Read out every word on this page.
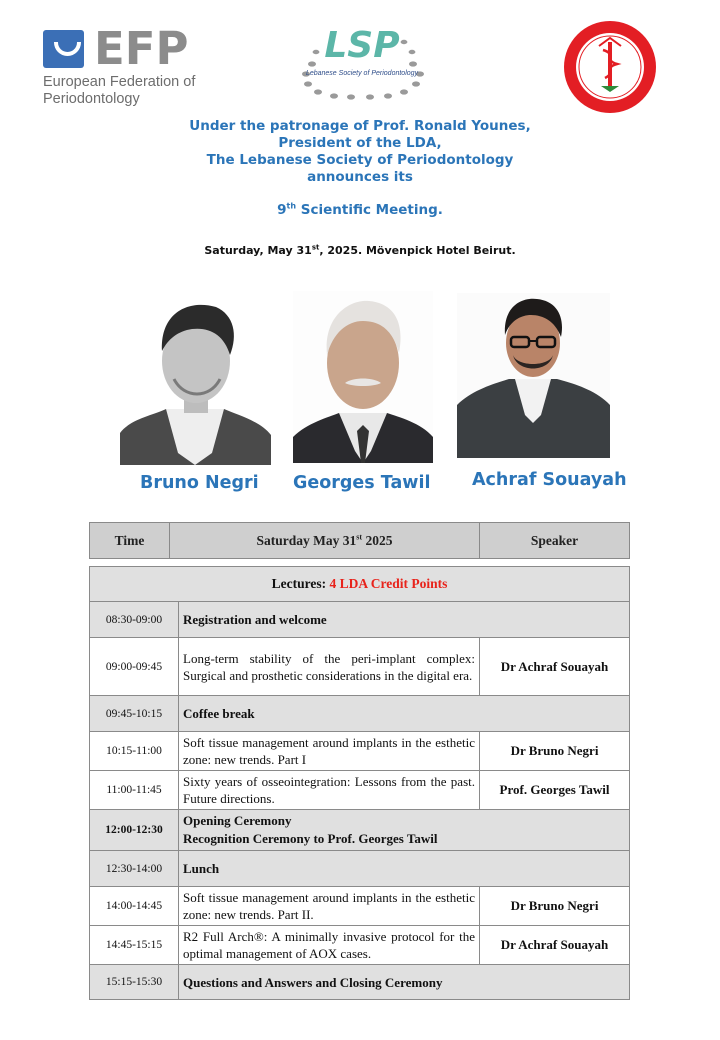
EFP
European Federation of Periodontology
LSP
Lebanese Society of Periodontology
Under the patronage of Prof. Ronald Younes,
President of the LDA,
The Lebanese Society of Periodontology
announces its
9th Scientific Meeting.
Saturday, May 31st, 2025. Mövenpick Hotel Beirut.
Bruno Negri Georges Tawil Achraf Souayah
Time	Saturday May 31st 2025	Speaker
Lectures: 4 LDA Credit Points		
08:30-09:00	Registration and welcome	
09:00-09:45	Long-term stability of the peri-implant complex: Surgical and prosthetic considerations in the digital era.	Dr Achraf Souayah
09:45-10:15	Coffee break	
10:15-11:00	Soft tissue management around implants in the esthetic zone: new trends. Part I	Dr Bruno Negri
11:00-11:45	Sixty years of osseointegration: Lessons from the past. Future directions.	Prof. Georges Tawil
12:00-12:30	Opening Ceremony
Recognition Ceremony to Prof. Georges Tawil	

12:30-14:00	Lunch	
14:00-14:45	Soft tissue management around implants in the esthetic zone: new trends. Part II.	Dr Bruno Negri
14:45-15:15	R2 Full Arch®: A minimally invasive protocol for the optimal management of AOX cases.	Dr Achraf Souayah
15:15-15:30	Questions and Answers and Closing Ceremony	
